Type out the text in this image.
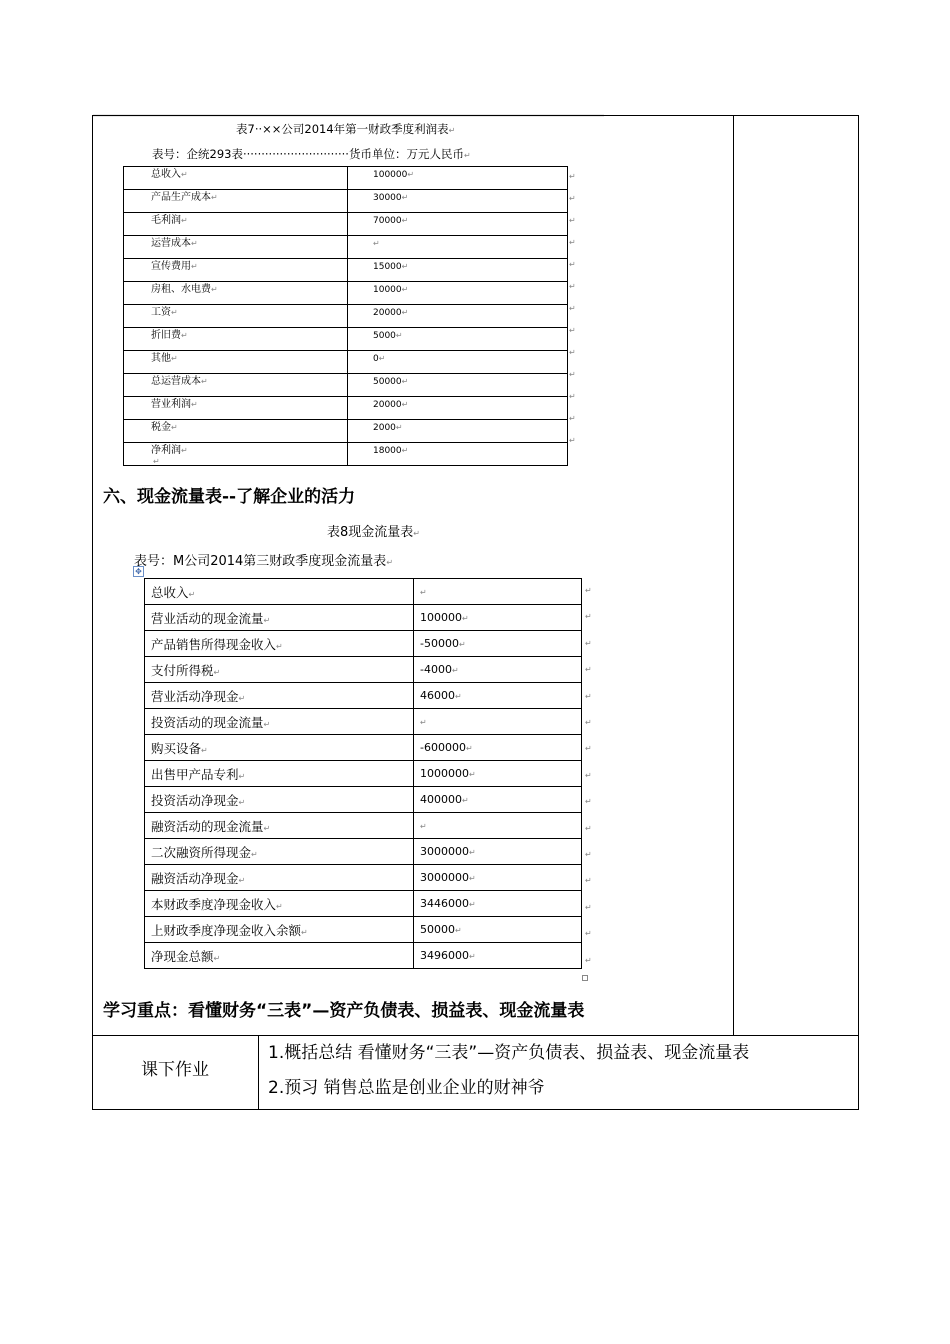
表7··××公司2014年第一财政季度利润表↵
表号：企统293表·····························货币单位：万元人民币↵
总收入↵	100000↵
产品生产成本↵	30000↵
毛利润↵	70000↵
运营成本↵	↵
宣传费用↵	15000↵
房租、水电费↵	10000↵
工资↵	20000↵
折旧费↵	5000↵
其他↵	0↵
总运营成本↵	50000↵
营业利润↵	20000↵
税金↵	2000↵
净利润↵	18000↵
↵
六、现金流量表--了解企业的活力
表8现金流量表↵
表号：M公司2014第三财政季度现金流量表↵
✥
总收入↵	↵
营业活动的现金流量↵	100000↵
产品销售所得现金收入↵	-50000↵
支付所得税↵	-4000↵
营业活动净现金↵	46000↵
投资活动的现金流量↵	↵
购买设备↵	-600000↵
出售甲产品专利↵	1000000↵
投资活动净现金↵	400000↵
融资活动的现金流量↵	↵
二次融资所得现金↵	3000000↵
融资活动净现金↵	3000000↵
本财政季度净现金收入↵	3446000↵
上财政季度净现金收入余额↵	50000↵
净现金总额↵	3496000↵
学习重点：看懂财务“三表”—资产负债表、损益表、现金流量表
课下作业
1.概括总结 看懂财务“三表”—资产负债表、损益表、现金流量表
2.预习 销售总监是创业企业的财神爷
↵
↵
↵
↵
↵
↵
↵
↵
↵
↵
↵
↵
↵
↵
↵
↵
↵
↵
↵
↵
↵
↵
↵
↵
↵
↵
↵
↵
